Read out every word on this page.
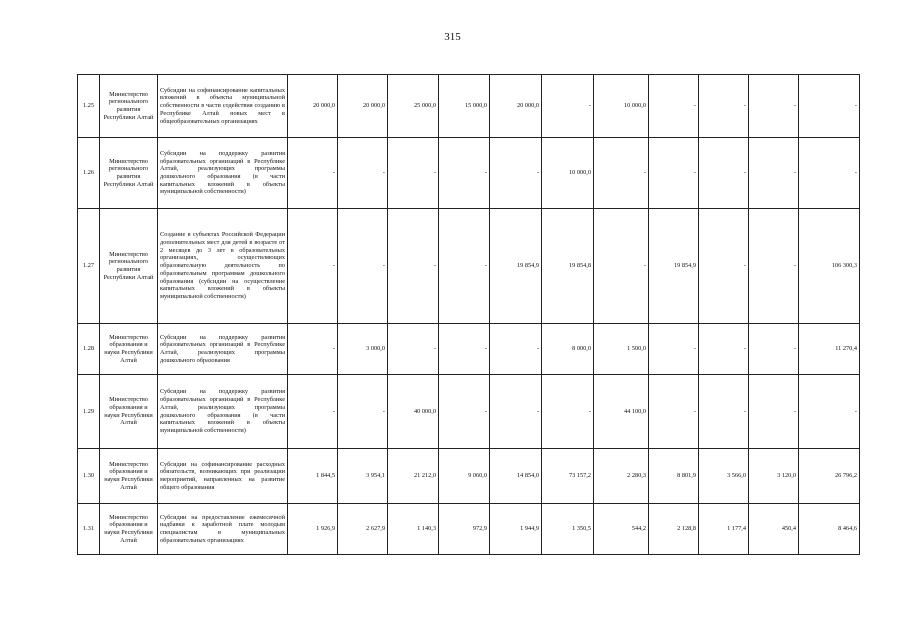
315
1.25	Министерство регионального развития Республики Алтай	Субсидии на софинансирование капитальных вложений в объекты муниципальной собственности в части содействия созданию в Республике Алтай новых мест в общеобразовательных организациях	20 000,0	20 000,0	25 000,0	15 000,0	20 000,0	-	10 000,0	-	-	-	-
1.26	Министерство регионального развития Республики Алтай	Субсидии на поддержку развития образовательных организаций в Республике Алтай, реализующих программы дошкольного образования (в части капитальных вложений в объекты муниципальной собственности)	-	-	-	-	-	10 000,0	-	-	-	-	-
1.27	Министерство регионального развития Республики Алтай	Создание в субъектах Российской Федерации дополнительных мест для детей в возрасте от 2 месяцев до 3 лет в образовательных организациях, осуществляющих образовательную деятельность по образовательным программам дошкольного образования (субсидии на осуществление капитальных вложений в объекты муниципальной собственности)	-	-	-	-	19 854,9	19 854,8	-	19 854,9	-	-	106 300,3
1.28	Министерство образования и науки Республики Алтай	Субсидии на поддержку развития образовательных организаций в Республике Алтай, реализующих программы дошкольного образования	-	3 000,0	-	-	-	8 000,0	1 500,0	-	-	-	11 270,4
1.29	Министерство образования и науки Республики Алтай	Субсидии на поддержку развития образовательных организаций в Республике Алтай, реализующих программы дошкольного образования (в части капитальных вложений в объекты муниципальной собственности)	-	-	40 000,0	-	-	-	44 100,0	-	-	-	-
1.30	Министерство образования и науки Республики Алтай	Субсидии на софинансирование расходных обязательств, возникающих при реализации мероприятий, направленных на развитие общего образования	1 844,5	3 954,1	21 212,0	9 060,0	14 854,0	73 157,2	2 280,3	8 801,9	3 566,0	3 120,0	26 796,2
1.31	Министерство образования и науки Республики Алтай	Субсидии на предоставление ежемесячной надбавки к заработной плате молодым специалистам в муниципальных образовательных организациях	1 926,9	2 627,9	1 140,3	972,9	1 944,9	1 350,5	544,2	2 128,8	1 177,4	450,4	8 464,6
